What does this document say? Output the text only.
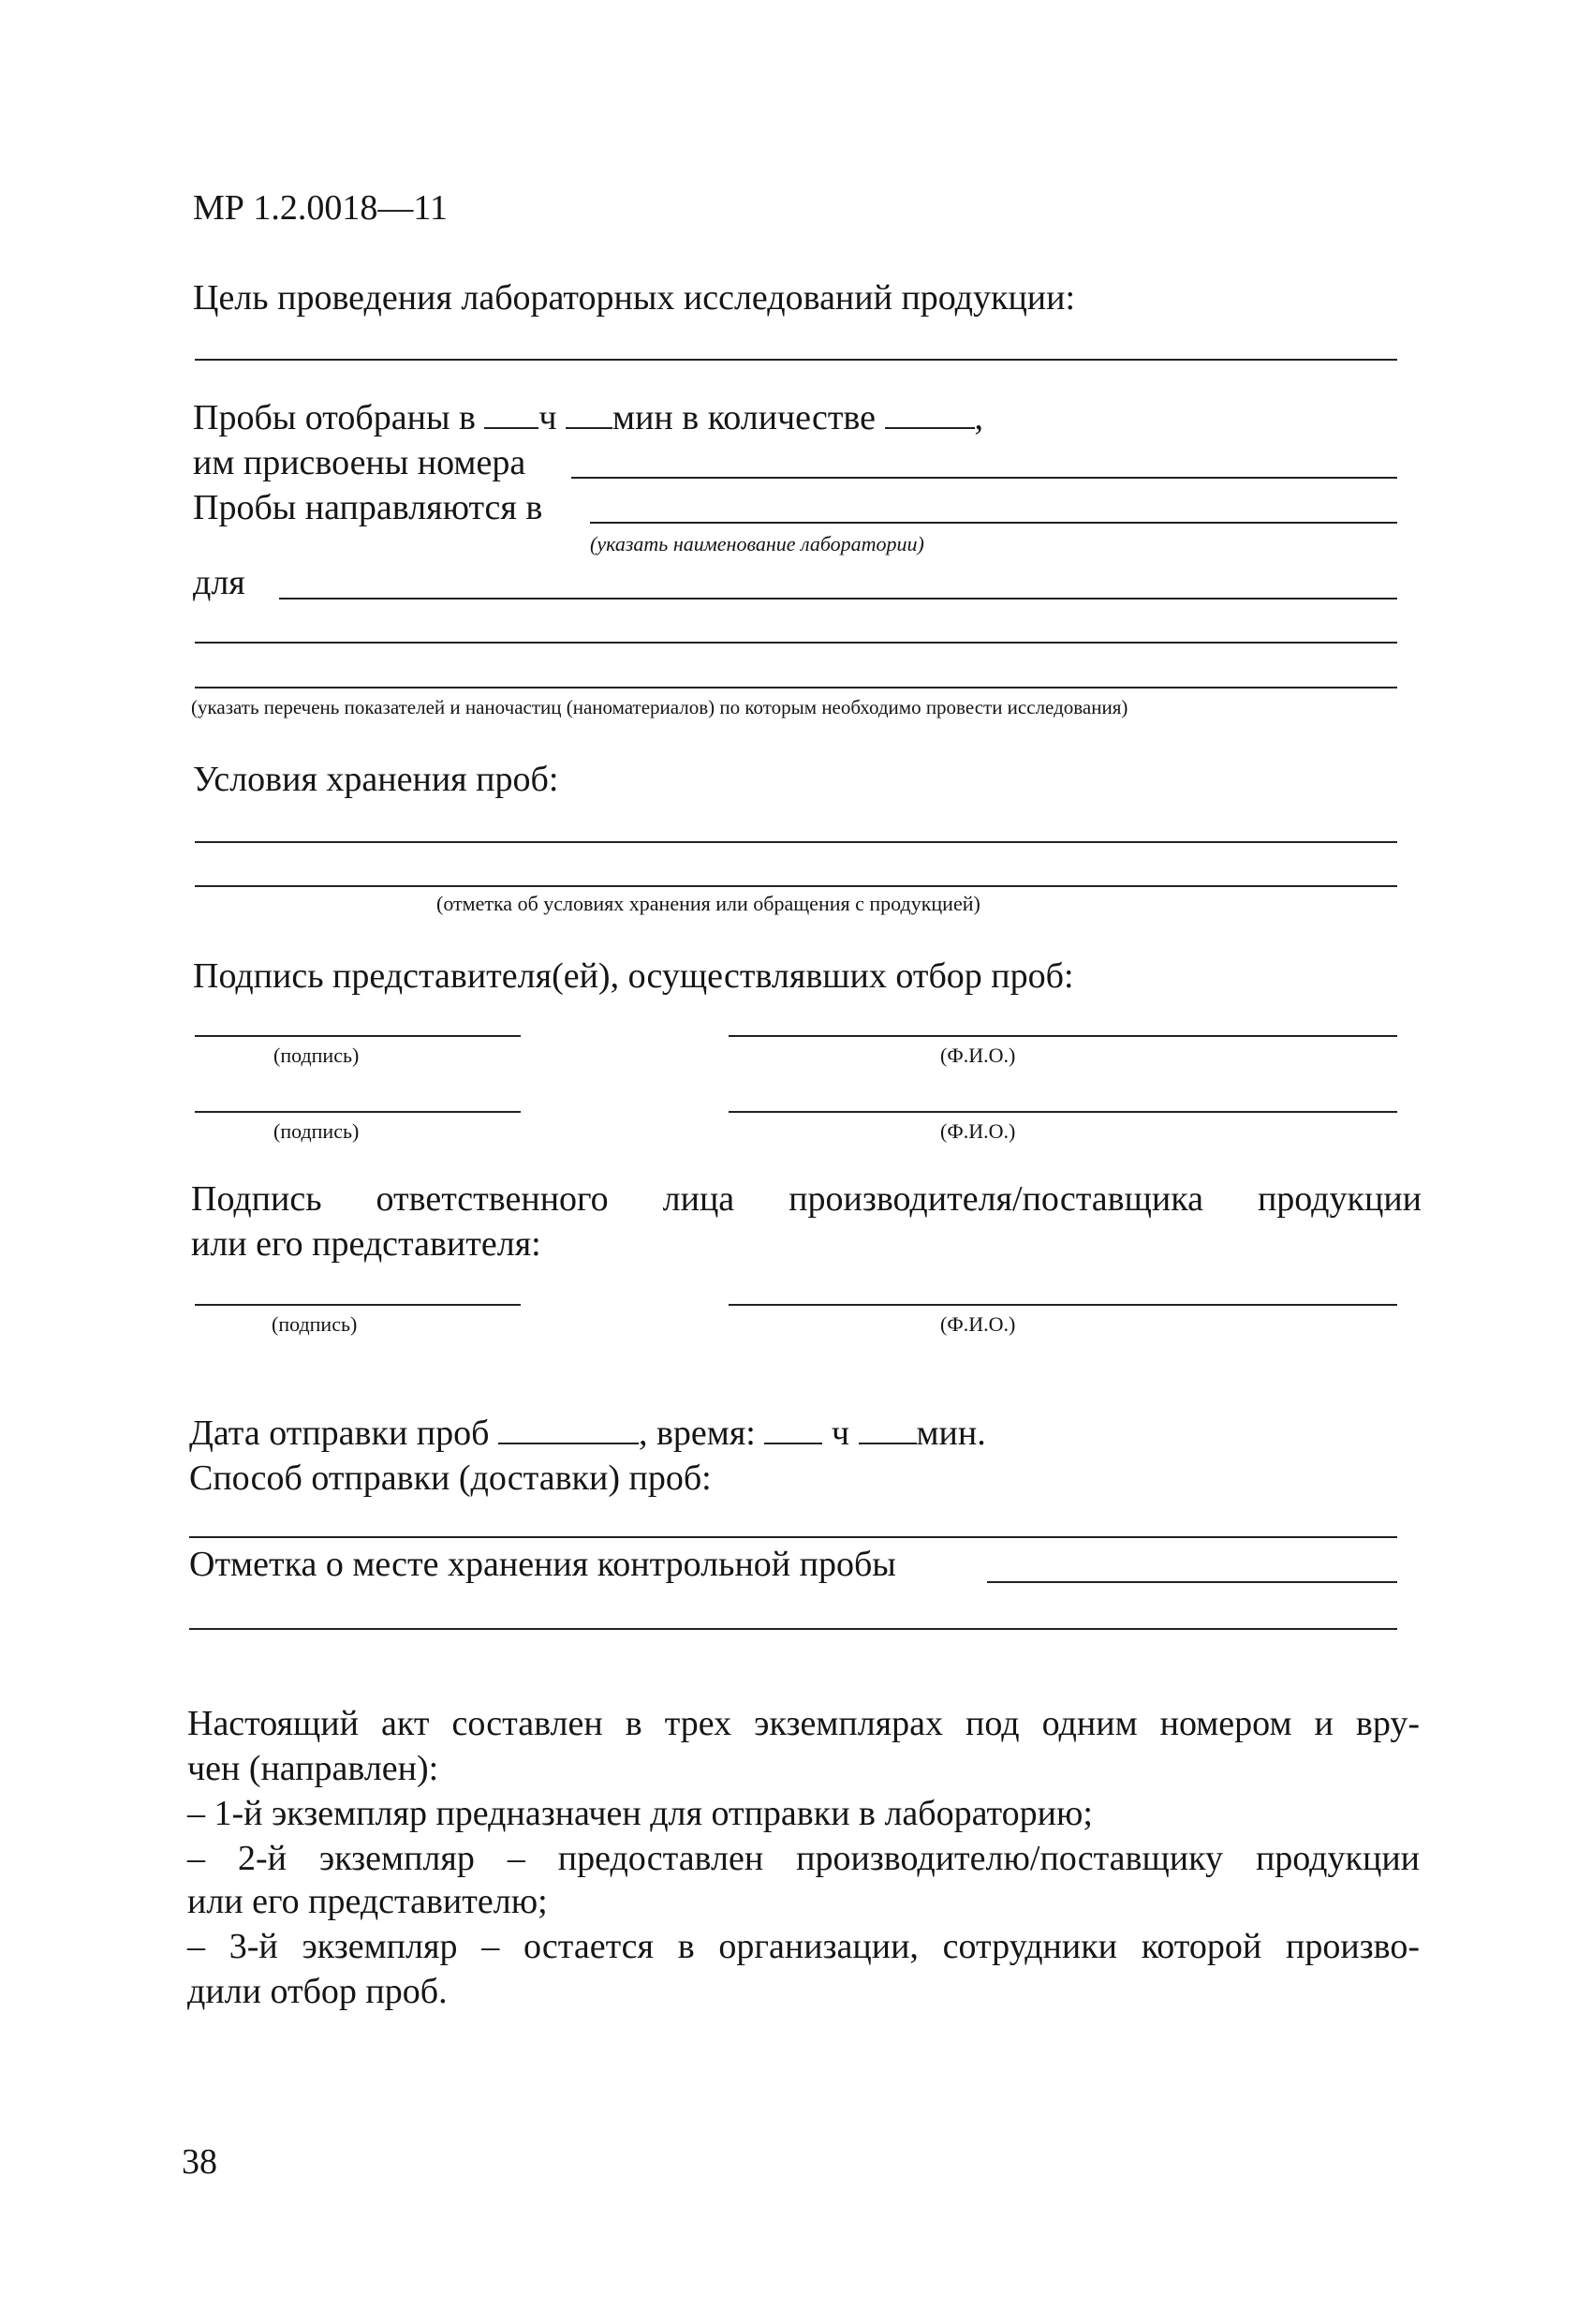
МР 1.2.0018—11
Цель проведения лабораторных исследований продукции:
Пробы отобраны в ч мин в количестве	,
им присвоены номера
Пробы направляются в
(указать наименование лаборатории)
для
(указать перечень показателей и наночастиц (наноматериалов) по которым необходимо провести исследования)
Условия хранения проб:
(отметка об условиях хранения или обращения с продукцией)
Подпись представителя(ей), осуществлявших отбор проб:
(подпись)	(Ф.И.О.)
(подпись)	(Ф.И.О.)
Подпись ответственного лица производителя/поставщика продукции
или его представителя:
(подпись)	(Ф.И.О.)
Дата отправки проб	, время: ч мин.
Способ отправки (доставки) проб:
Отметка о месте хранения контрольной пробы
Настоящий акт составлен в трех экземплярах под одним номером и вру-
чен (направлен):
– 1-й экземпляр предназначен для отправки в лабораторию;
– 2-й экземпляр – предоставлен производителю/поставщику продукции
или его представителю;
– 3-й экземпляр – остается в организации, сотрудники которой произво-
дили отбор проб.
38
